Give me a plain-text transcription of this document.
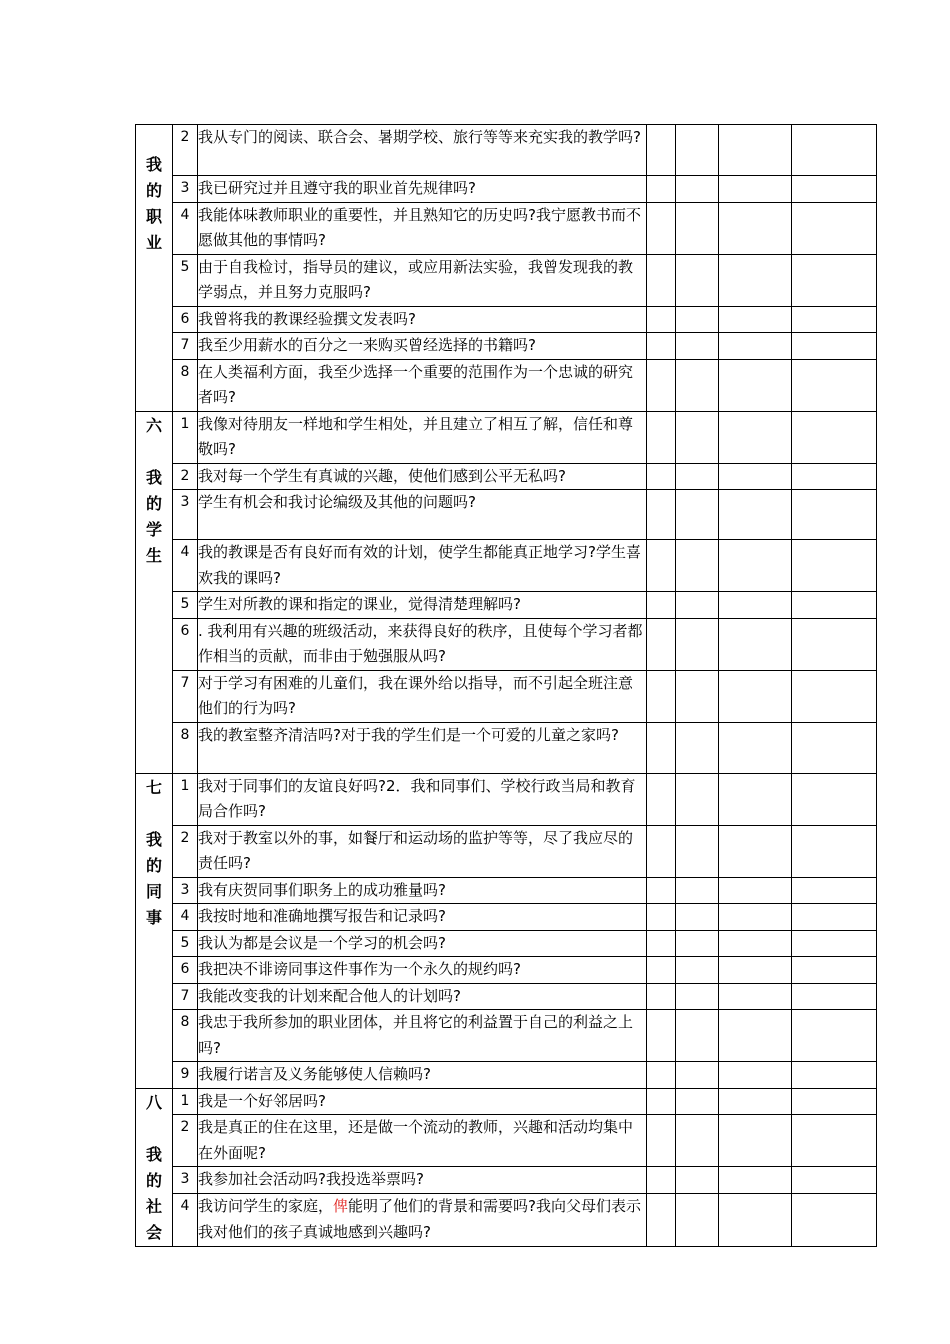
我
的
职
业	2	我从专门的阅读、联合会、暑期学校、旅行等等来充实我的教学吗?				
	3	我已研究过并且遵守我的职业首先规律吗?				
	4	我能体味教师职业的重要性，并且熟知它的历史吗?我宁愿教书而不愿做其他的事情吗?				
	5	由于自我检讨，指导员的建议，或应用新法实验，我曾发现我的教学弱点，并且努力克服吗?				
	6	我曾将我的教课经验撰文发表吗?				
	7	我至少用薪水的百分之一来购买曾经选择的书籍吗?				
	8	在人类福利方面，我至少选择一个重要的范围作为一个忠诚的研究者吗?				

六
我
的
学
生	1	我像对待朋友一样地和学生相处，并且建立了相互了解，信任和尊敬吗?				
	2	我对每一个学生有真诚的兴趣，使他们感到公平无私吗?				
	3	学生有机会和我讨论编级及其他的问题吗?				
	4	我的教课是否有良好而有效的计划，使学生都能真正地学习?学生喜欢我的课吗?				
	5	学生对所教的课和指定的课业，觉得清楚理解吗?				
	6	. 我利用有兴趣的班级活动，来获得良好的秩序，且使每个学习者都作相当的贡献，而非由于勉强服从吗?				
	7	对于学习有困难的儿童们，我在课外给以指导，而不引起全班注意他们的行为吗?				
	8	我的教室整齐清洁吗?对于我的学生们是一个可爱的儿童之家吗?				

七
我
的
同
事	1	我对于同事们的友谊良好吗?2．我和同事们、学校行政当局和教育局合作吗?				
	2	我对于教室以外的事，如餐厅和运动场的监护等等，尽了我应尽的责任吗?				
	3	我有庆贺同事们职务上的成功雅量吗?				
	4	我按时地和准确地撰写报告和记录吗?				
	5	我认为都是会议是一个学习的机会吗?				
	6	我把决不诽谤同事这件事作为一个永久的规约吗?				
	7	我能改变我的计划来配合他人的计划吗?				
	8	我忠于我所参加的职业团体，并且将它的利益置于自己的利益之上吗?				
	9	我履行诺言及义务能够使人信赖吗?				

八
我
的
社
会	1	我是一个好邻居吗?				
	2	我是真正的住在这里，还是做一个流动的教师，兴趣和活动均集中在外面呢?				
	3	我参加社会活动吗?我投选举票吗?				
	4	我访问学生的家庭，俾能明了他们的背景和需要吗?我向父母们表示我对他们的孩子真诚地感到兴趣吗?				
